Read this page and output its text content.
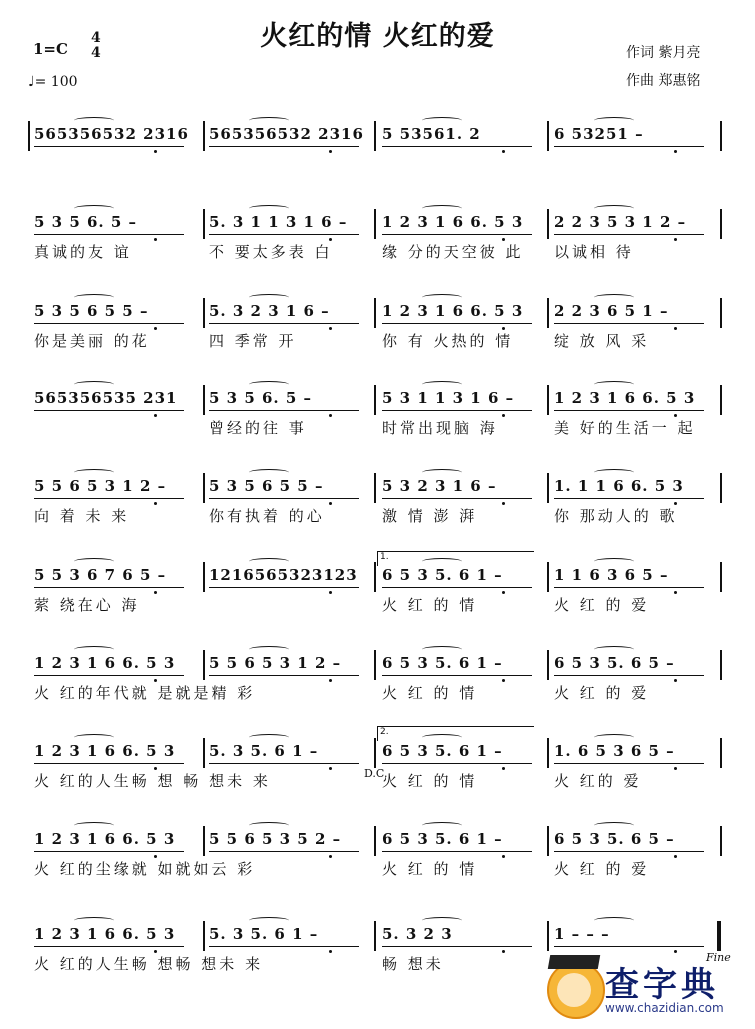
火红的情 火红的爱
1=C
4
4
♩= 100
作词 紫月亮
作曲 郑惠铭
565356532 2316 565356532 2316 5 53561. 2	6 53251 –
5 3 5 6. 5 –
真诚的友 谊
5. 3 1 1 3 1 6 –
不 要太多表 白
1 2 3 1 6 6. 5 3
缘 分的天空彼 此
2 2 3 5 3 1 2 –
以诚相 待
5 3 5 6 5 5 –
你是美丽 的花
5. 3 2 3 1 6 –
四 季常 开
1 2 3 1 6 6. 5 3
你 有 火热的 情
2 2 3 6 5 1 –
绽 放 风 采
565356535 231 5 3 5 6. 5 –
曾经的往 事
5 3 1 1 3 1 6 –
时常出现脑 海
1 2 3 1 6 6. 5 3
美 好的生活一 起
5 5 6 5 3 1 2 –
向 着 未 来
5 3 5 6 5 5 –
你有执着 的心
5 3 2 3 1 6 –
激 情 澎 湃
1. 1 1 6 6. 5 3
你 那动人的 歌
5 5 3 6 7 6 5 –
萦 绕在心 海
1216565323123 6 5 3 5. 6 1 –
火 红 的 情
1 1 6 3 6 5 –
火 红 的 爱
1 2 3 1 6 6. 5 3
火 红的年代就 是就是精 彩
5 5 6 5 3 1 2 –	6 5 3 5. 6 1 –
火 红 的 情
6 5 3 5. 6 5 –
火 红 的 爱
1 2 3 1 6 6. 5 3
火 红的人生畅 想 畅 想未 来
5. 3 5. 6 1 –	6 5 3 5. 6 1 –
火 红 的 情
1. 6 5 3 6 5 –
火 红的 爱
1 2 3 1 6 6. 5 3
火 红的尘缘就 如就如云 彩
5 5 6 5 3 5 2 –	6 5 3 5. 6 1 –
火 红 的 情
6 5 3 5. 6 5 –
火 红 的 爱
1 2 3 1 6 6. 5 3
火 红的人生畅 想畅 想未 来
5. 3 5. 6 1 –	5. 3 2 3
畅 想未
1 – – –
1.
2.
D.C.
Fine
查字典
www.chazidian.com
